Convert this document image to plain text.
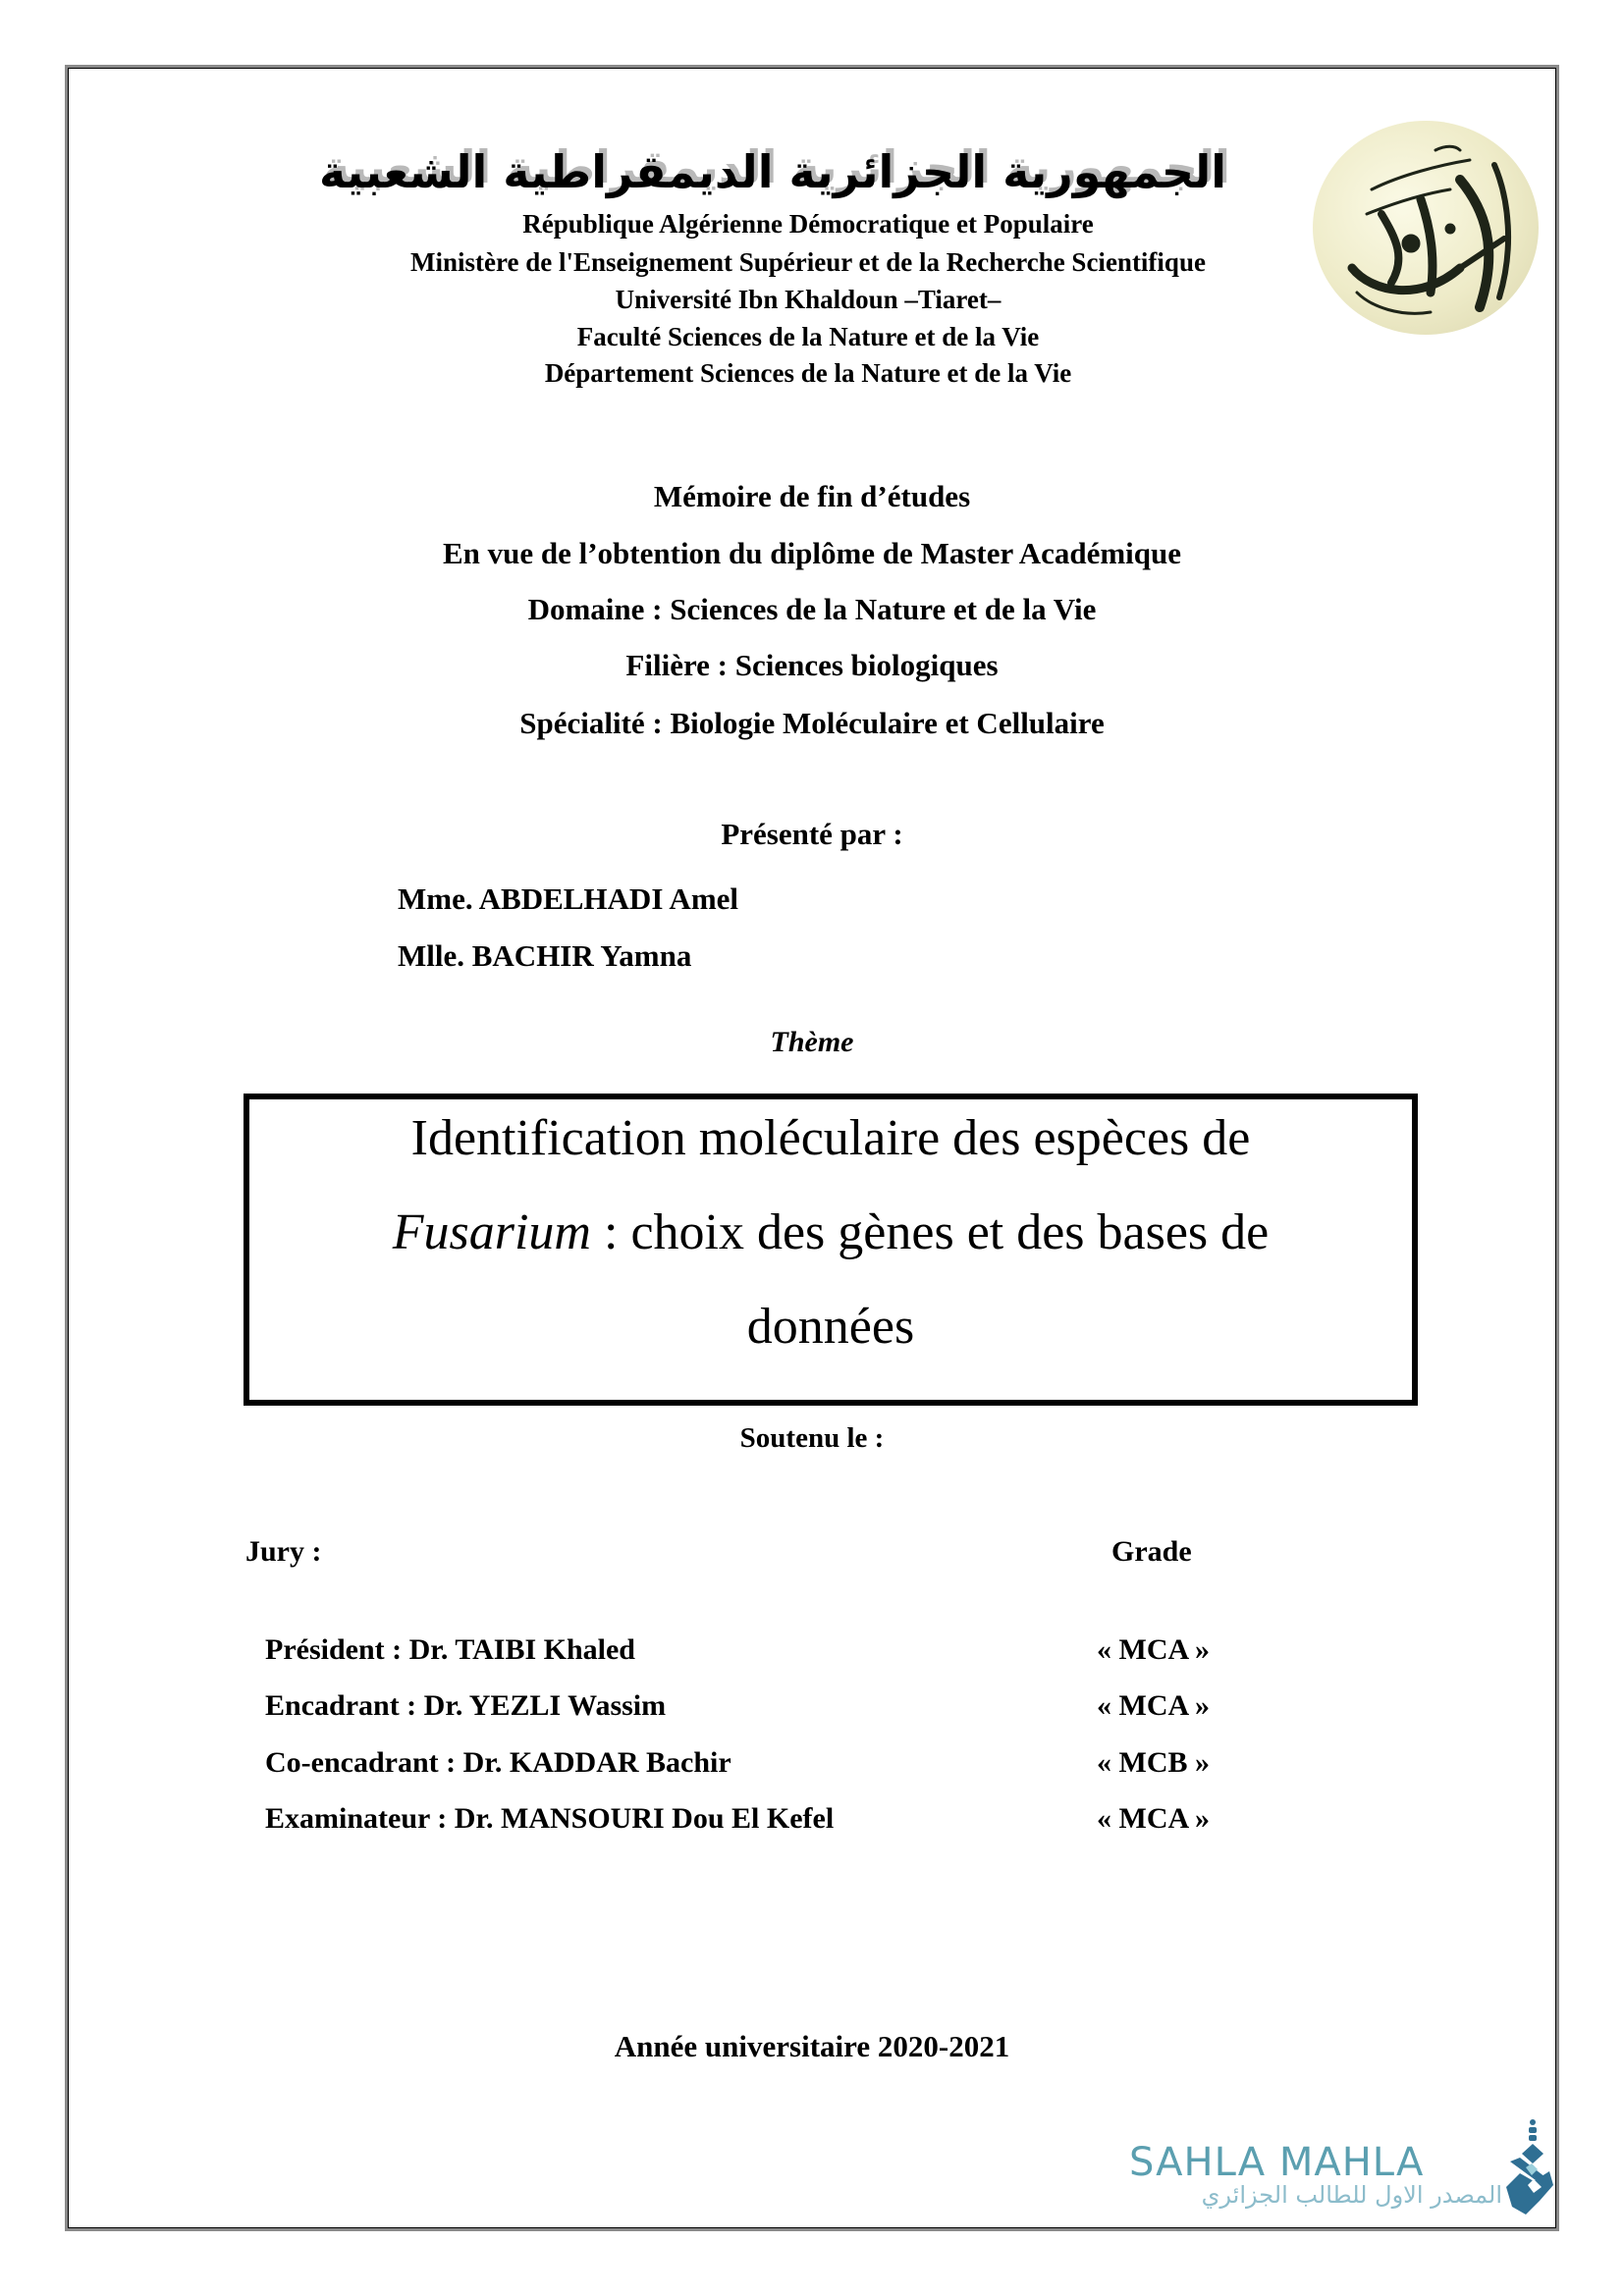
الجمهورية الجزائرية الديمقراطية الشعبية
République Algérienne Démocratique et Populaire
Ministère de l'Enseignement Supérieur et de la Recherche Scientifique
Université Ibn Khaldoun –Tiaret–
Faculté Sciences de la Nature et de la Vie
Département Sciences de la Nature et de la Vie
Mémoire de fin d’études
En vue de l’obtention du diplôme de Master Académique
Domaine : Sciences de la Nature et de la Vie
Filière : Sciences biologiques
Spécialité : Biologie Moléculaire et Cellulaire
Présenté par :
Mme. ABDELHADI Amel
Mlle. BACHIR Yamna
Thème
Identification moléculaire des espèces de
Fusarium : choix des gènes et des bases de
données
Soutenu le :
Jury :	Grade
Président : Dr. TAIBI Khaled	« MCA »
Encadrant : Dr. YEZLI Wassim	« MCA »
Co-encadrant : Dr. KADDAR Bachir	« MCB »
Examinateur : Dr. MANSOURI Dou El Kefel	« MCA »
Année universitaire 2020-2021
SAHLA MAHLA
المصدر الاول للطالب الجزائري
